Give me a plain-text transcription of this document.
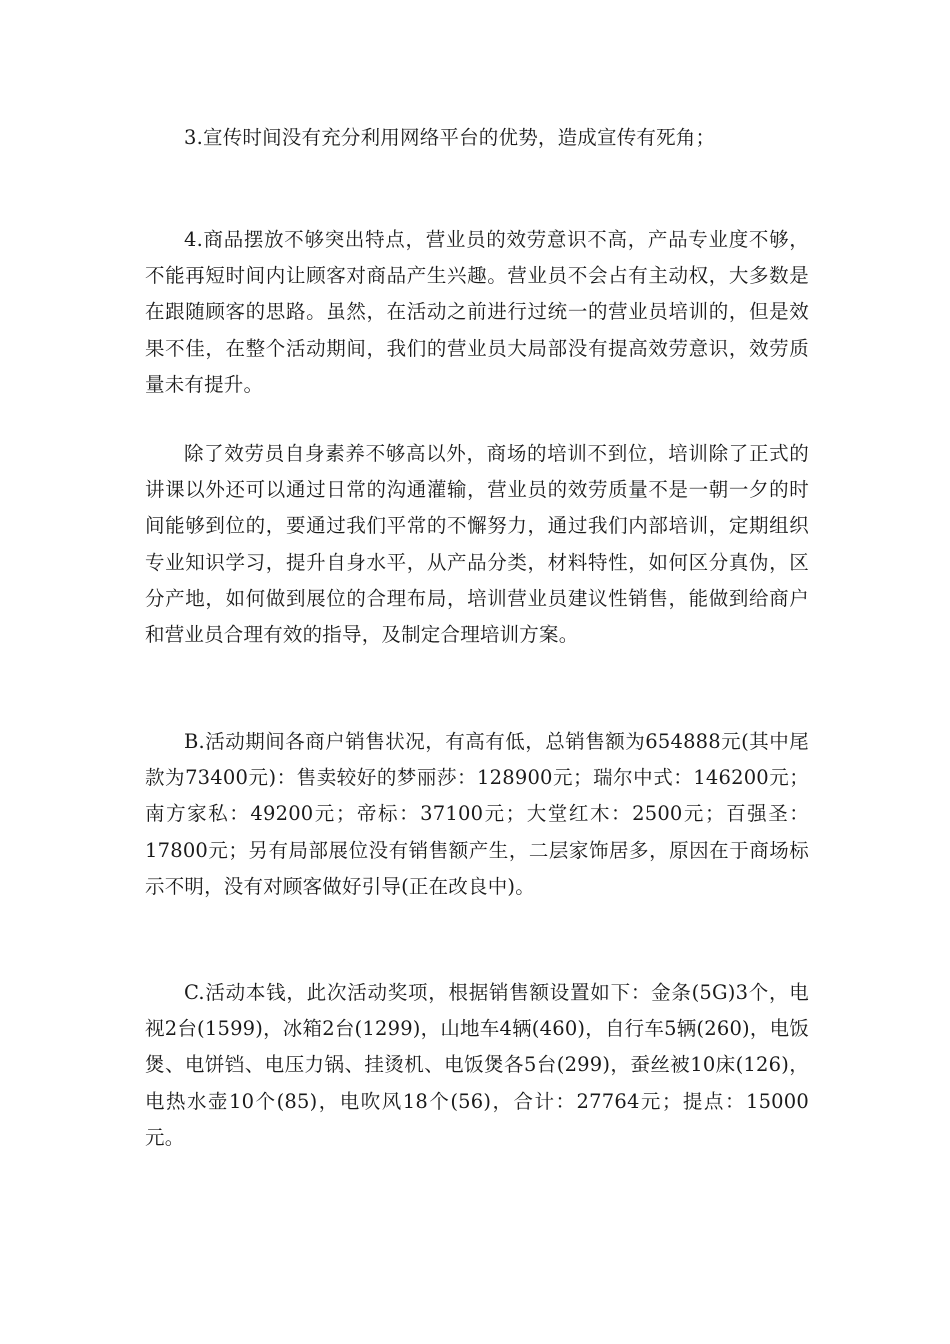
3.宣传时间没有充分利用网络平台的优势，造成宣传有死角；

4.商品摆放不够突出特点，营业员的效劳意识不高，产品专业度不够，不能再短时间内让顾客对商品产生兴趣。营业员不会占有主动权，大多数是在跟随顾客的思路。虽然，在活动之前进行过统一的营业员培训的，但是效果不佳，在整个活动期间，我们的营业员大局部没有提高效劳意识，效劳质量未有提升。

除了效劳员自身素养不够高以外，商场的培训不到位，培训除了正式的讲课以外还可以通过日常的沟通灌输，营业员的效劳质量不是一朝一夕的时间能够到位的，要通过我们平常的不懈努力，通过我们内部培训，定期组织专业知识学习，提升自身水平，从产品分类，材料特性，如何区分真伪，区分产地，如何做到展位的合理布局，培训营业员建议性销售，能做到给商户和营业员合理有效的指导，及制定合理培训方案。

B.活动期间各商户销售状况，有高有低，总销售额为654888元(其中尾款为73400元)：售卖较好的梦丽莎：128900元；瑞尔中式：146200元；南方家私：49200元；帝标：37100元；大堂红木：2500元；百强圣：17800元；另有局部展位没有销售额产生，二层家饰居多，原因在于商场标示不明，没有对顾客做好引导(正在改良中)。

C.活动本钱，此次活动奖项，根据销售额设置如下：金条(5G)3个，电视2台(1599)，冰箱2台(1299)，山地车4辆(460)，自行车5辆(260)，电饭煲、电饼铛、电压力锅、挂烫机、电饭煲各5台(299)，蚕丝被10床(126)，电热水壶10个(85)，电吹风18个(56)，合计：27764元；提点：15000元。
